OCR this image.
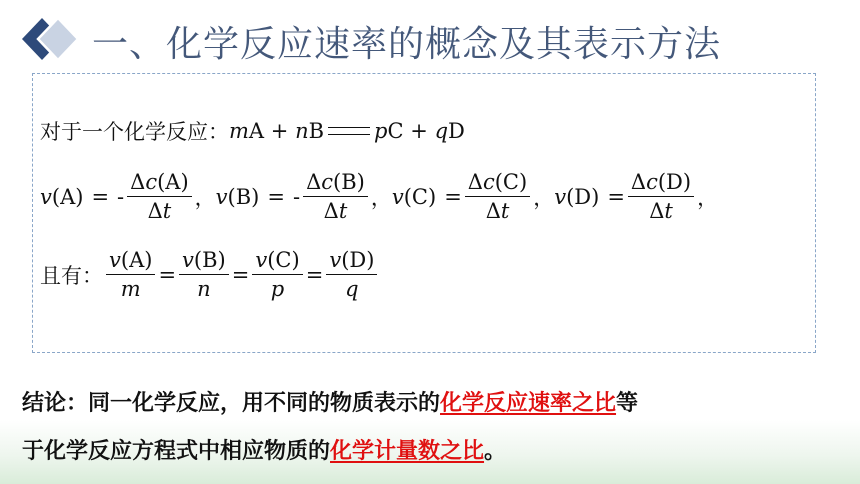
一、化学反应速率的概念及其表示方法
对于一个化学反应： mA + nB pC + qD
v(A) = - $\frac{\Delta c(A)}{\Delta t}$ ， v(B) = - $\frac{\Delta c(B)}{\Delta t}$ ， $v(C) = \frac{\Delta c(C)}{\Delta t}$ ， $v(D) = \frac{\Delta c(D)}{\Delta t}$ ，
且有： $\frac{v(A)}{m} = \frac{v(B)}{n} = \frac{v(C)}{p} = \frac{v(D)}{q}$

结论：同一化学反应，用不同的物质表示的化学反应速率之比等

于化学反应方程式中相应物质的化学计量数之比。
